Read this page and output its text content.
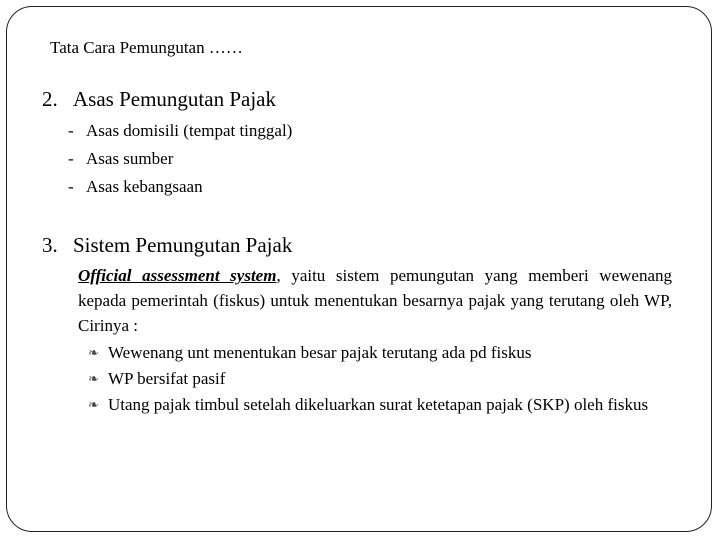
Tata Cara Pemungutan ……
2. Asas Pemungutan Pajak
- Asas domisili (tempat tinggal)
- Asas sumber
- Asas kebangsaan
3. Sistem Pemungutan Pajak

Official assessment system, yaitu sistem pemungutan yang memberi wewenang kepada pemerintah (fiskus) untuk menentukan besarnya pajak yang terutang oleh WP, Cirinya :

❧ Wewenang unt menentukan besar pajak terutang ada pd fiskus
❧ WP bersifat pasif
❧ Utang pajak timbul setelah dikeluarkan surat ketetapan pajak (SKP) oleh fiskus
